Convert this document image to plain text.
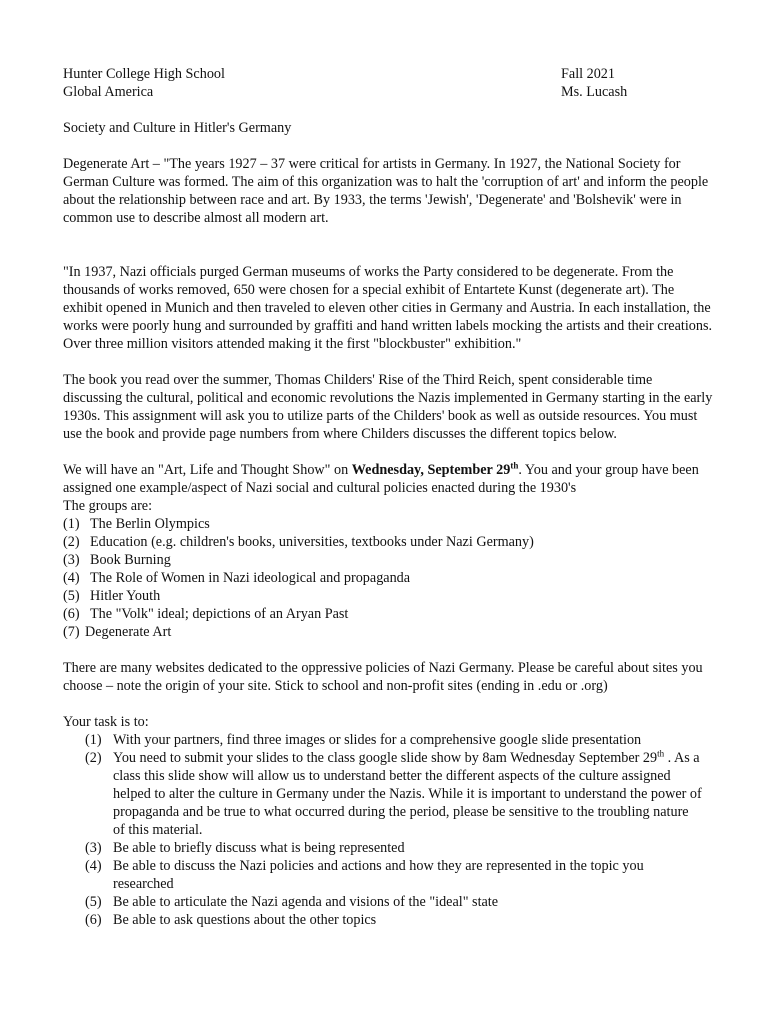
Hunter College High School	Fall 2021
Global America	Ms. Lucash

Society and Culture in Hitler's Germany

Degenerate Art – "The years 1927 – 37 were critical for artists in Germany. In 1927, the National Society for German Culture was formed. The aim of this organization was to halt the 'corruption of art' and inform the people about the relationship between race and art. By 1933, the terms 'Jewish', 'Degenerate' and 'Bolshevik' were in common use to describe almost all modern art.

"In 1937, Nazi officials purged German museums of works the Party considered to be degenerate. From the thousands of works removed, 650 were chosen for a special exhibit of Entartete Kunst (degenerate art). The exhibit opened in Munich and then traveled to eleven other cities in Germany and Austria. In each installation, the works were poorly hung and surrounded by graffiti and hand written labels mocking the artists and their creations. Over three million visitors attended making it the first "blockbuster" exhibition."

The book you read over the summer, Thomas Childers' Rise of the Third Reich, spent considerable time discussing the cultural, political and economic revolutions the Nazis implemented in Germany starting in the early 1930s. This assignment will ask you to utilize parts of the Childers' book as well as outside resources. You must use the book and provide page numbers from where Childers discusses the different topics below.

We will have an "Art, Life and Thought Show" on Wednesday, September 29th. You and your group have been assigned one example/aspect of Nazi social and cultural policies enacted during the 1930's

The groups are:

(1) The Berlin Olympics
(2) Education (e.g. children's books, universities, textbooks under Nazi Germany)
(3) Book Burning
(4) The Role of Women in Nazi ideological and propaganda
(5) Hitler Youth
(6) The "Volk" ideal; depictions of an Aryan Past
(7) Degenerate Art

There are many websites dedicated to the oppressive policies of Nazi Germany. Please be careful about sites you choose – note the origin of your site. Stick to school and non-profit sites (ending in .edu or .org)

Your task is to:

(1) With your partners, find three images or slides for a comprehensive google slide presentation
(2) You need to submit your slides to the class google slide show by 8am Wednesday September 29th . As a class this slide show will allow us to understand better the different aspects of the culture assigned helped to alter the culture in Germany under the Nazis. While it is important to understand the power of propaganda and be true to what occurred during the period, please be sensitive to the troubling nature of this material.
(3) Be able to briefly discuss what is being represented
(4) Be able to discuss the Nazi policies and actions and how they are represented in the topic you researched
(5) Be able to articulate the Nazi agenda and visions of the "ideal" state
(6) Be able to ask questions about the other topics
